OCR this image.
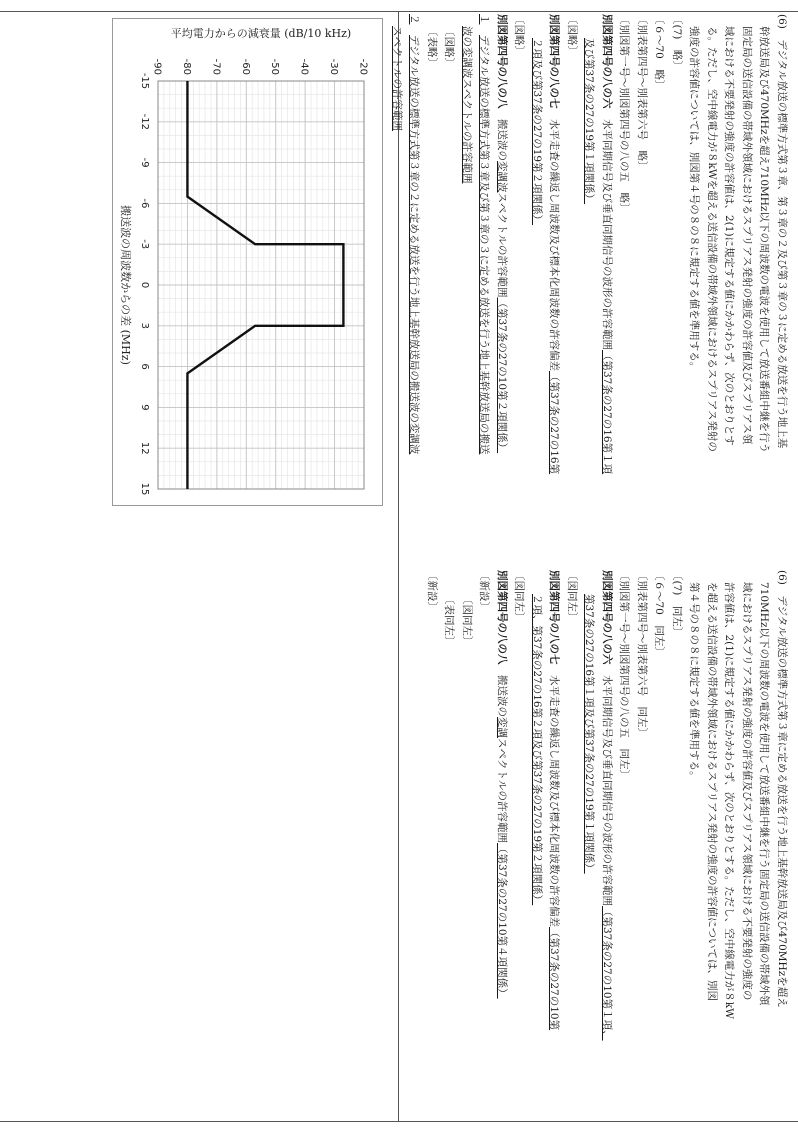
(6)　デジタル放送の標準方式第３章、第３章の２及び第３章の３に定める放送を行う地上基
幹放送局及び470MHzを超え710MHz以下の周波数の電波を使用して放送番組中継を行う
固定局の送信設備の帯域外領域におけるスプリアス発射の強度の許容値及びスプリアス領
域における不要発射の強度の許容値は、2(1)に規定する値にかかわらず、次のとおりとす
る。ただし、空中線電力が８kWを超える送信設備の帯域外領域におけるスプリアス発射の
強度の許容値については、別図第４号の８の８に規定する値を準用する。
〔(7)　略〕
〔６～70　略〕
〔別表第四号～別表第六号　略〕
〔別図第一号～別図第四号の八の五　略〕
別図第四号の八の六　水平同期信号及び垂直同期信号の波形の許容範囲（第37条の27の16第１項
及び第37条の27の19第１項関係）
〔図略〕
別図第四号の八の七　水平走査の繰返し周波数及び標本化周波数の許容偏差（第37条の27の16第
２項及び第37条の27の19第２項関係）
〔図略〕
別図第四号の八の八　搬送波の変調波スペクトルの許容範囲（第37条の27の10第２項関係）
１　デジタル放送の標準方式第３章及び第３章の３に定める放送を行う地上基幹放送局の搬送
波の変調波スペクトルの許容範囲
〔図略〕
〔表略〕
２　デジタル放送の標準方式第３章の２に定める放送を行う地上基幹放送局の搬送波の変調波
スペクトルの許容範囲
-15
-12
-9
-6
-3
0
3
6
9
12
15
-20
-30
-40
-50
-60
-70
-80
-90
平均電力からの減衰量 (dB/10 kHz)
搬送波の周波数からの差 (MHz)
(6)　デジタル放送の標準方式第３章に定める放送を行う地上基幹放送局及び470MHzを超え
710MHz以下の周波数の電波を使用して放送番組中継を行う固定局の送信設備の帯域外領
域におけるスプリアス発射の強度の許容値及びスプリアス領域における不要発射の強度の
許容値は、2(1)に規定する値にかかわらず、次のとおりとする。ただし、空中線電力が８kW
を超える送信設備の帯域外領域におけるスプリアス発射の強度の許容値については、別図
第４号の８の８に規定する値を準用する。
〔(7)　同左〕
〔６～70　同左〕
〔別表第四号～別表第六号　同左〕
〔別図第一号～別図第四号の八の五　同左〕
別図第四号の八の六　水平同期信号及び垂直同期信号の波形の許容範囲（第37条の27の10第１項、
第37条の27の16第１項及び第37条の27の19第１項関係）
〔図同左〕
別図第四号の八の七　水平走査の繰返し周波数及び標本化周波数の許容偏差（第37条の27の10第
２項、第37条の27の16第２項及び第37条の27の19第２項関係）
〔図同左〕
別図第四号の八の八　搬送波の変調スペクトルの許容範囲（第37条の27の10第４項関係）
〔新設〕
〔図同左〕
〔表同左〕
〔新設〕
